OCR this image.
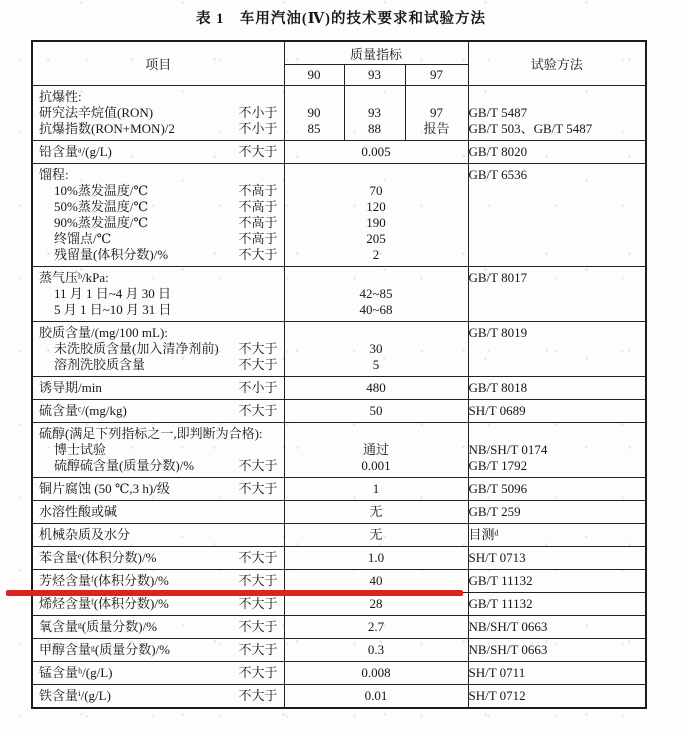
表 1　车用汽油(Ⅳ)的技术要求和试验方法
项目	质量指标			试验方法
	90	93	97	

抗爆性:				

研究法辛烷值(RON) 不小于	90	93	97	GB/T 5487

抗爆指数(RON+MON)/2 不小于	85	88	报告	GB/T 503、GB/T 5487

铅含量ᵃ/(g/L) 不大于	0.005			GB/T 8020

馏程:				GB/T 6536

10%蒸发温度/℃ 不高于	70			

50%蒸发温度/℃ 不高于	120			

90%蒸发温度/℃ 不高于	190			

终馏点/℃ 不高于	205			

残留量(体积分数)/% 不大于	2			

蒸气压ᵇ/kPa:				GB/T 8017

11 月 1 日~4 月 30 日	42~85			

5 月 1 日~10 月 31 日	40~68			

胶质含量/(mg/100 mL):				GB/T 8019

未洗胶质含量(加入清净剂前) 不大于	30			

溶剂洗胶质含量 不大于	5			

诱导期/min 不小于	480			GB/T 8018

硫含量ᶜ/(mg/kg) 不大于	50			SH/T 0689

硫醇(满足下列指标之一,即判断为合格):				

博士试验	通过			NB/SH/T 0174

硫醇硫含量(质量分数)/% 不大于	0.001			GB/T 1792

铜片腐蚀 (50 ℃,3 h)/级 不大于	1			GB/T 5096

水溶性酸或碱	无			GB/T 259

机械杂质及水分	无			目测ᵈ

苯含量ᵉ(体积分数)/% 不大于	1.0			SH/T 0713

芳烃含量ᶠ(体积分数)/% 不大于	40			GB/T 11132

烯烃含量ᶠ(体积分数)/% 不大于	28			GB/T 11132

氧含量ᵍ(质量分数)/% 不大于	2.7			NB/SH/T 0663

甲醇含量ᵍ(质量分数)/% 不大于	0.3			NB/SH/T 0663

锰含量ʰ/(g/L) 不大于	0.008			SH/T 0711

铁含量ⁱ/(g/L) 不大于	0.01			SH/T 0712
